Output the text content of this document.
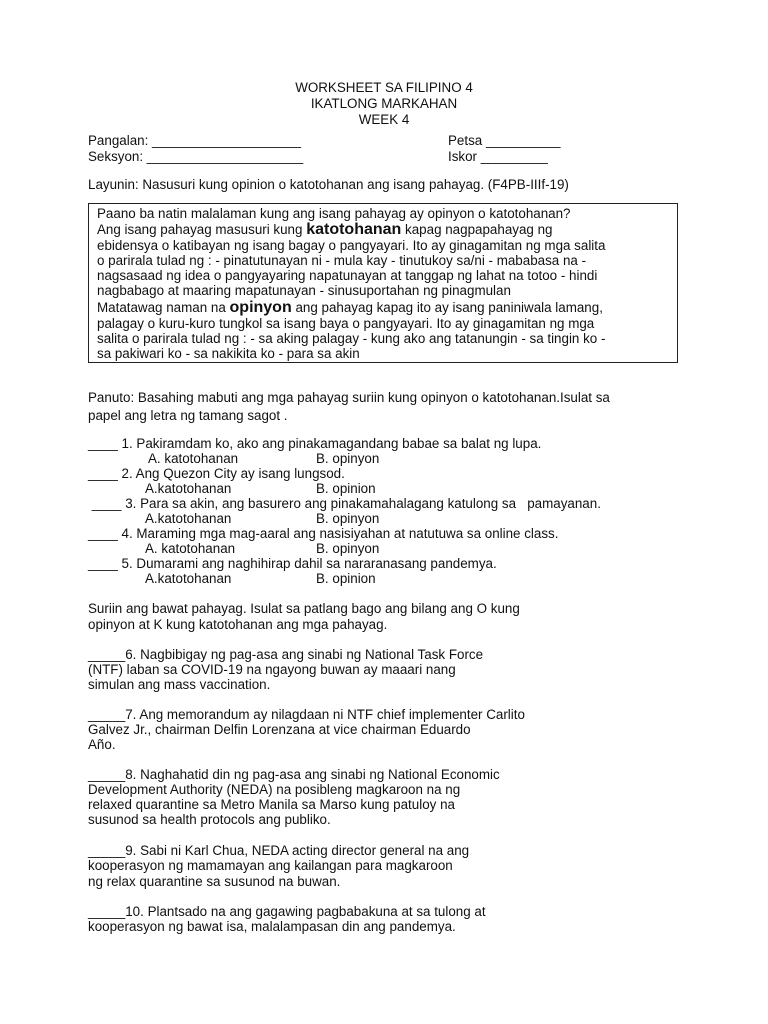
WORKSHEET SA FILIPINO 4
IKATLONG MARKAHAN
WEEK 4
Pangalan: ____________________	Petsa __________
Seksyon: _____________________	Iskor _________
Layunin: Nasusuri kung opinion o katotohanan ang isang pahayag. (F4PB-IIIf-19)
Paano ba natin malalaman kung ang isang pahayag ay opinyon o katotohanan?
Ang isang pahayag masusuri kung katotohanan kapag nagpapahayag ng
ebidensya o katibayan ng isang bagay o pangyayari. Ito ay ginagamitan ng mga salita
o parirala tulad ng : - pinatutunayan ni - mula kay - tinutukoy sa/ni - mababasa na -
nagsasaad ng idea o pangyayaring napatunayan at tanggap ng lahat na totoo - hindi
nagbabago at maaring mapatunayan - sinusuportahan ng pinagmulan
Matatawag naman na opinyon ang pahayag kapag ito ay isang paniniwala lamang,
palagay o kuru-kuro tungkol sa isang baya o pangyayari. Ito ay ginagamitan ng mga
salita o parirala tulad ng : - sa aking palagay - kung ako ang tatanungin - sa tingin ko -
sa pakiwari ko - sa nakikita ko - para sa akin
Panuto: Basahing mabuti ang mga pahayag suriin kung opinyon o katotohanan.Isulat sa
papel ang letra ng tamang sagot .
____ 1. Pakiramdam ko, ako ang pinakamagandang babae sa balat ng lupa.
A. katotohanan	B. opinyon
____ 2. Ang Quezon City ay isang lungsod.
A.katotohanan	B. opinion
____ 3. Para sa akin, ang basurero ang pinakamahalagang katulong sa   pamayanan.
A.katotohanan	B. opinyon
____ 4. Maraming mga mag-aaral ang nasisiyahan at natutuwa sa online class.
A. katotohanan	B. opinyon
____ 5. Dumarami ang naghihirap dahil sa nararanasang pandemya.
A.katotohanan	B. opinion
Suriin ang bawat pahayag. Isulat sa patlang bago ang bilang ang O kung
opinyon at K kung katotohanan ang mga pahayag.
_____6. Nagbibigay ng pag-asa ang sinabi ng National Task Force
(NTF) laban sa COVID-19 na ngayong buwan ay maaari nang
simulan ang mass vaccination.
_____7. Ang memorandum ay nilagdaan ni NTF chief implementer Carlito
Galvez Jr., chairman Delfin Lorenzana at vice chairman Eduardo
Año.
_____8. Naghahatid din ng pag-asa ang sinabi ng National Economic
Development Authority (NEDA) na posibleng magkaroon na ng
relaxed quarantine sa Metro Manila sa Marso kung patuloy na
susunod sa health protocols ang publiko.
_____9. Sabi ni Karl Chua, NEDA acting director general na ang
kooperasyon ng mamamayan ang kailangan para magkaroon
ng relax quarantine sa susunod na buwan.
_____10. Plantsado na ang gagawing pagbabakuna at sa tulong at
kooperasyon ng bawat isa, malalampasan din ang pandemya.
